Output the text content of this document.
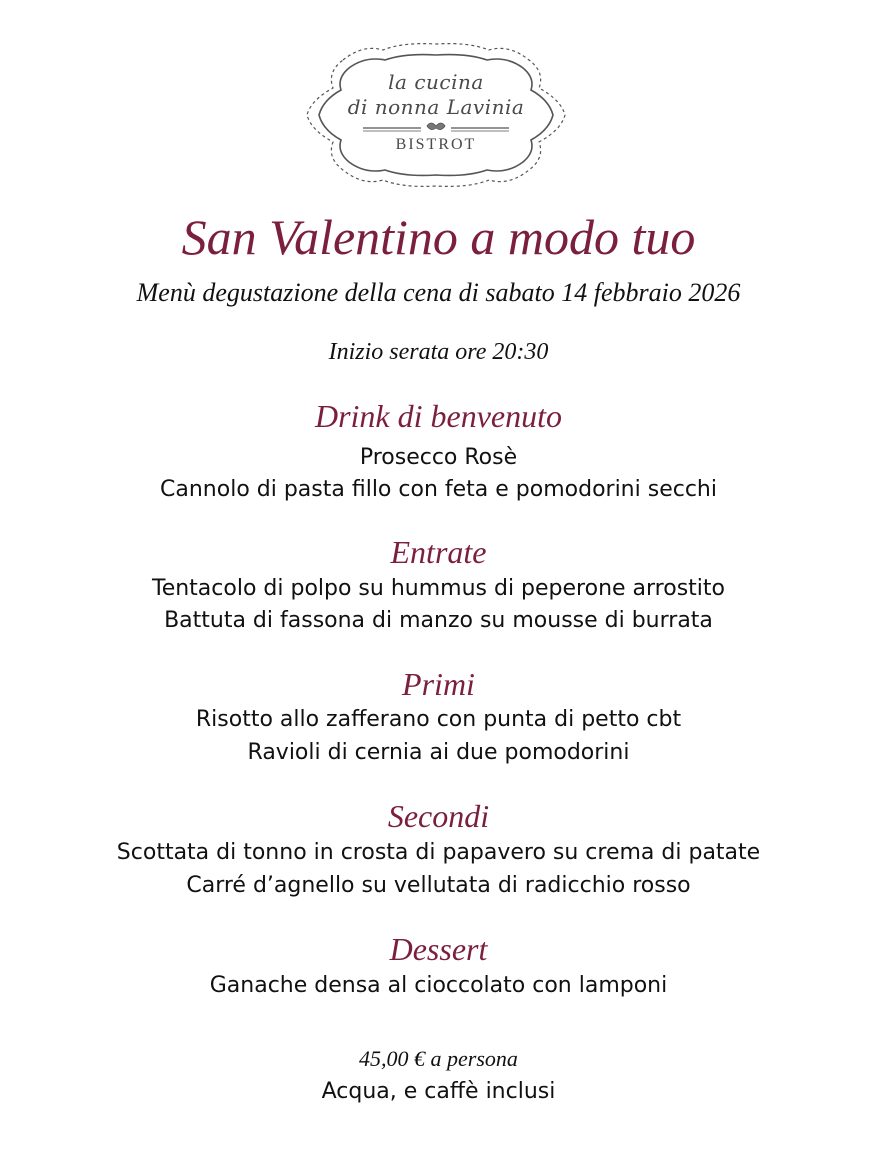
la cucina
di nonna Lavinia
BISTROT
San Valentino a modo tuo
Menù degustazione della cena di sabato 14 febbraio 2026
Inizio serata ore 20:30
Drink di benvenuto
Prosecco Rosè
Cannolo di pasta fillo con feta e pomodorini secchi
Entrate
Tentacolo di polpo su hummus di peperone arrostito
Battuta di fassona di manzo su mousse di burrata
Primi
Risotto allo zafferano con punta di petto cbt
Ravioli di cernia ai due pomodorini
Secondi
Scottata di tonno in crosta di papavero su crema di patate
Carré d’agnello su vellutata di radicchio rosso
Dessert
Ganache densa al cioccolato con lamponi
45,00 € a persona
Acqua, e caffè inclusi
